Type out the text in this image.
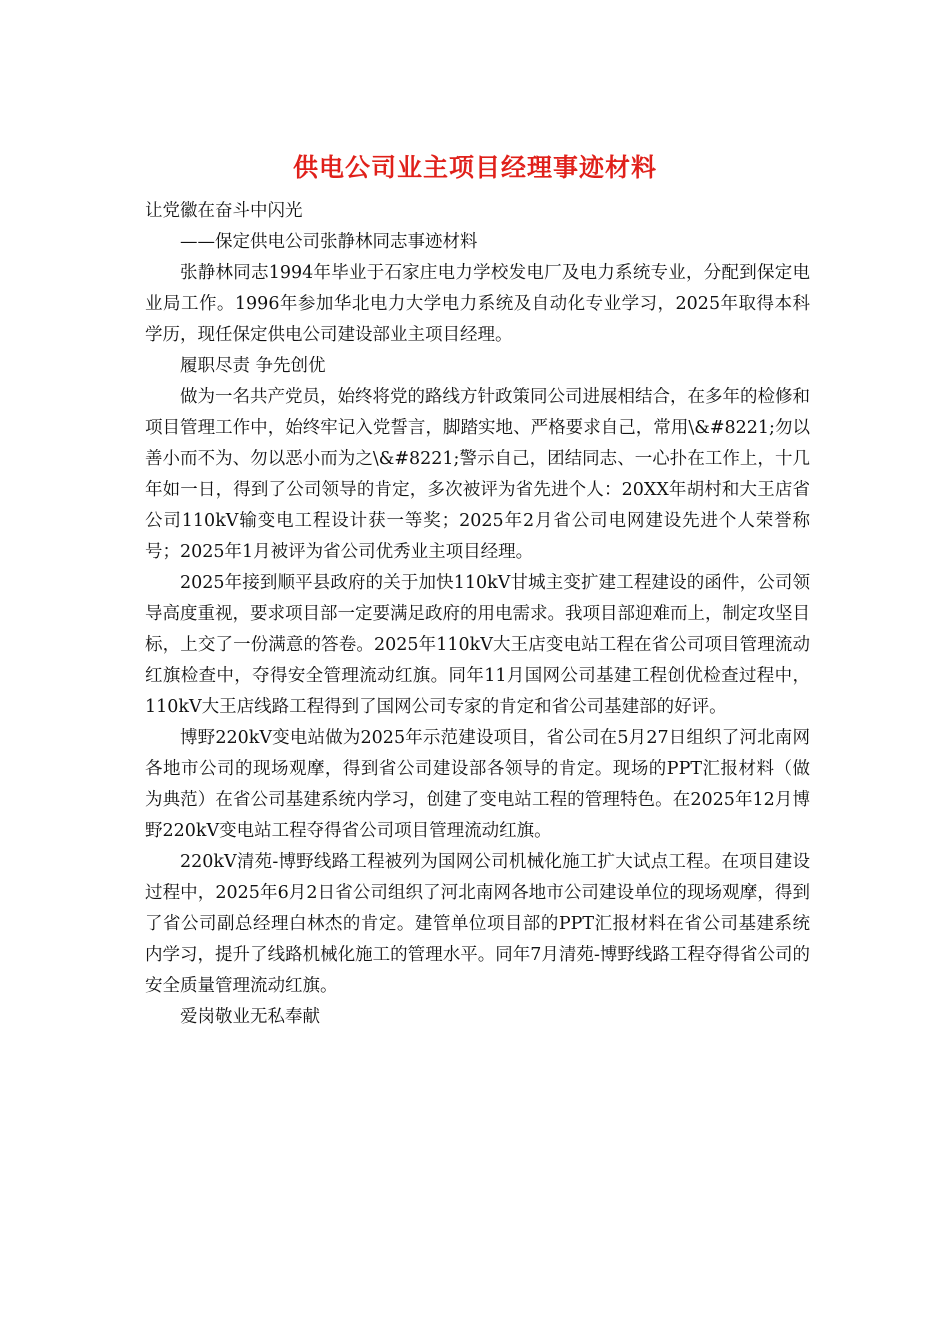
供电公司业主项目经理事迹材料

让党徽在奋斗中闪光

——保定供电公司张静林同志事迹材料

张静林同志1994年毕业于石家庄电力学校发电厂及电力系统专业，分配到保定电业局工作。1996年参加华北电力大学电力系统及自动化专业学习，2025年取得本科学历，现任保定供电公司建设部业主项目经理。

履职尽责 争先创优

做为一名共产党员，始终将党的路线方针政策同公司进展相结合，在多年的检修和项目管理工作中，始终牢记入党誓言，脚踏实地、严格要求自己，常用\&#8221;勿以善小而不为、勿以恶小而为之\&#8221;警示自己，团结同志、一心扑在工作上，十几年如一日，得到了公司领导的肯定，多次被评为省先进个人：20XX年胡村和大王店省公司110kV输变电工程设计获一等奖；2025年2月省公司电网建设先进个人荣誉称号；2025年1月被评为省公司优秀业主项目经理。

2025年接到顺平县政府的关于加快110kV甘城主变扩建工程建设的函件，公司领导高度重视，要求项目部一定要满足政府的用电需求。我项目部迎难而上，制定攻坚目标，上交了一份满意的答卷。2025年110kV大王店变电站工程在省公司项目管理流动红旗检查中，夺得安全管理流动红旗。同年11月国网公司基建工程创优检查过程中，110kV大王店线路工程得到了国网公司专家的肯定和省公司基建部的好评。

博野220kV变电站做为2025年示范建设项目，省公司在5月27日组织了河北南网各地市公司的现场观摩，得到省公司建设部各领导的肯定。现场的PPT汇报材料（做为典范）在省公司基建系统内学习，创建了变电站工程的管理特色。在2025年12月博野220kV变电站工程夺得省公司项目管理流动红旗。

220kV清苑-博野线路工程被列为国网公司机械化施工扩大试点工程。在项目建设过程中，2025年6月2日省公司组织了河北南网各地市公司建设单位的现场观摩，得到了省公司副总经理白林杰的肯定。建管单位项目部的PPT汇报材料在省公司基建系统内学习，提升了线路机械化施工的管理水平。同年7月清苑-博野线路工程夺得省公司的安全质量管理流动红旗。

爱岗敬业无私奉献
